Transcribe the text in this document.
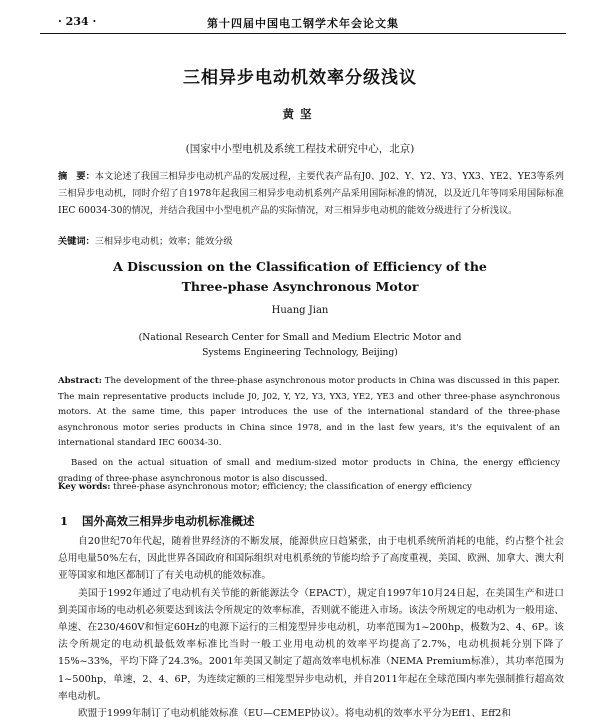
· 234 ·	第十四届中国电工钢学术年会论文集
三相异步电动机效率分级浅议
黄坚
(国家中小型电机及系统工程技术研究中心，北京)
摘　要：本文论述了我国三相异步电动机产品的发展过程，主要代表产品有J0、J02、Y、Y2、Y3、YX3、YE2、YE3等系列三相异步电动机，同时介绍了自1978年起我国三相异步电动机系列产品采用国际标准的情况，以及近几年等同采用国际标准IEC 60034-30的情况，并结合我国中小型电机产品的实际情况，对三相异步电动机的能效分级进行了分析浅议。
关键词：三相异步电动机；效率；能效分级
A Discussion on the Classification of Efficiency of the
Three-phase Asynchronous Motor
Huang Jian
(National Research Center for Small and Medium Electric Motor and
Systems Engineering Technology, Beijing)
Abstract: The development of the three-phase asynchronous motor products in China was discussed in this paper. The main representative products include J0, J02, Y, Y2, Y3, YX3, YE2, YE3 and other three-phase asynchronous motors. At the same time, this paper introduces the use of the international standard of the three-phase asynchronous motor series products in China since 1978, and in the last few years, it's the equivalent of an international standard IEC 60034-30.
Based on the actual situation of small and medium-sized motor products in China, the energy efficiency grading of three-phase asynchronous motor is also discussed.
Key words: three-phase asynchronous motor; efficiency; the classification of energy efficiency
1 国外高效三相异步电动机标准概述

自20世纪70年代起，随着世界经济的不断发展，能源供应日趋紧张，由于电机系统所消耗的电能，约占整个社会总用电量50%左右，因此世界各国政府和国际组织对电机系统的节能均给予了高度重视，美国、欧洲、加拿大、澳大利亚等国家和地区都制订了有关电动机的能效标准。

美国于1992年通过了电动机有关节能的新能源法令（EPACT），规定自1997年10月24日起，在美国生产和进口到美国市场的电动机必须要达到该法令所规定的效率标准，否则就不能进入市场。该法令所规定的电动机为一般用途、单速、在230/460V和恒定60Hz的电源下运行的三相笼型异步电动机，功率范围为1~200hp，极数为2、4、6P。该法令所规定的电动机最低效率标准比当时一般工业用电动机的效率平均提高了2.7%，电动机损耗分别下降了15%~33%，平均下降了24.3%。2001年美国又制定了超高效率电机标准（NEMA Premium标准），其功率范围为1~500hp，单速，2、4、6P，为连续定额的三相笼型异步电动机，并自2011年起在全球范围内率先强制推行超高效率电动机。

欧盟于1999年制订了电动机能效标准（EU—CEMEP协议）。将电动机的效率水平分为Eff1、Eff2和
